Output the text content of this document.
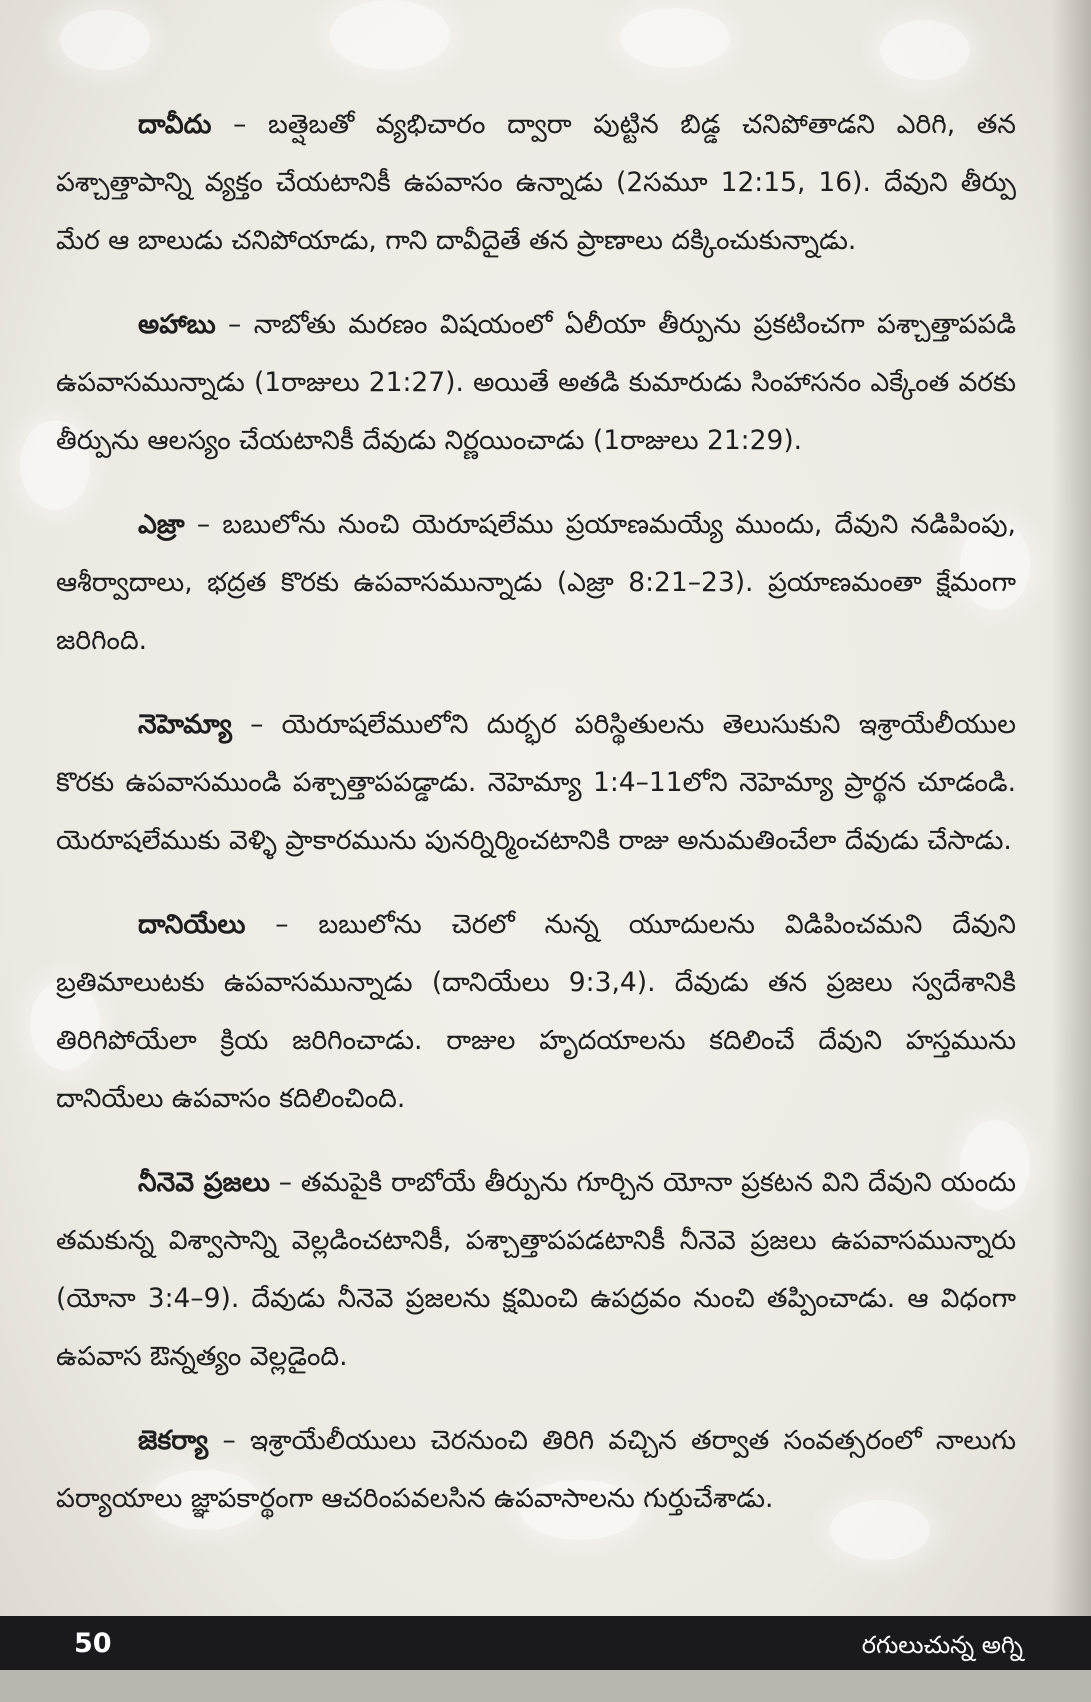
దావీదు – బత్షెబతో వ్యభిచారం ద్వారా పుట్టిన బిడ్డ చనిపోతాడని ఎరిగి, తన పశ్చాత్తాపాన్ని వ్యక్తం చేయటానికీ ఉపవాసం ఉన్నాడు (2సమూ 12:15, 16). దేవుని తీర్పు మేర ఆ బాలుడు చనిపోయాడు, గాని దావీదైతే తన ప్రాణాలు దక్కించుకున్నాడు.

అహాబు – నాబోతు మరణం విషయంలో ఏలీయా తీర్పును ప్రకటించగా పశ్చాత్తాపపడి ఉపవాసమున్నాడు (1రాజులు 21:27). అయితే అతడి కుమారుడు సింహాసనం ఎక్కేంత వరకు తీర్పును ఆలస్యం చేయటానికీ దేవుడు నిర్ణయించాడు (1రాజులు 21:29).

ఎజ్రా – బబులోను నుంచి యెరూషలేము ప్రయాణమయ్యే ముందు, దేవుని నడిపింపు, ఆశీర్వాదాలు, భద్రత కొరకు ఉపవాసమున్నాడు (ఎజ్రా 8:21–23). ప్రయాణమంతా క్షేమంగా జరిగింది.

నెహెమ్యా – యెరూషలేములోని దుర్భర పరిస్థితులను తెలుసుకుని ఇశ్రాయేలీయుల కొరకు ఉపవాసముండి పశ్చాత్తాపపడ్డాడు. నెహెమ్యా 1:4–11లోని నెహెమ్యా ప్రార్థన చూడండి. యెరూషలేముకు వెళ్ళి ప్రాకారమును పునర్నిర్మించటానికి రాజు అనుమతించేలా దేవుడు చేసాడు.

దానియేలు – బబులోను చెరలో నున్న యూదులను విడిపించమని దేవుని బ్రతిమాలుటకు ఉపవాసమున్నాడు (దానియేలు 9:3,4). దేవుడు తన ప్రజలు స్వదేశానికి తిరిగిపోయేలా క్రియ జరిగించాడు. రాజుల హృదయాలను కదిలించే దేవుని హస్తమును దానియేలు ఉపవాసం కదిలించింది.

నీనెవె ప్రజలు – తమపైకి రాబోయే తీర్పును గూర్చిన యోనా ప్రకటన విని దేవుని యందు తమకున్న విశ్వాసాన్ని వెల్లడించటానికీ, పశ్చాత్తాపపడటానికీ నీనెవె ప్రజలు ఉపవాసమున్నారు (యోనా 3:4–9). దేవుడు నీనెవె ప్రజలను క్షమించి ఉపద్రవం నుంచి తప్పించాడు. ఆ విధంగా ఉపవాస ఔన్నత్యం వెల్లడైంది.

జెకర్యా – ఇశ్రాయేలీయులు చెరనుంచి తిరిగి వచ్చిన తర్వాత సంవత్సరంలో నాలుగు పర్యాయాలు జ్ఞాపకార్థంగా ఆచరింపవలసిన ఉపవాసాలను గుర్తుచేశాడు.

50	రగులుచున్న అగ్ని
